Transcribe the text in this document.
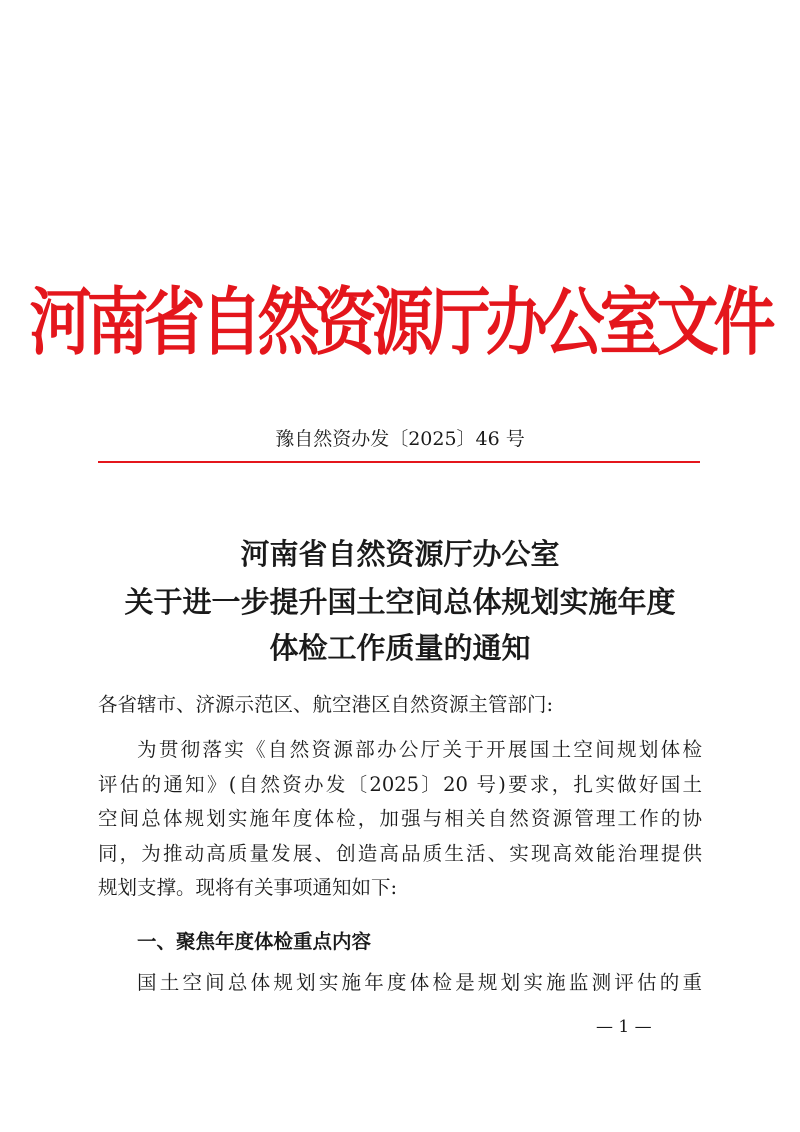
河南省自然资源厅办公室文件
豫自然资办发〔2025〕46 号
河南省自然资源厅办公室
关于进一步提升国土空间总体规划实施年度
体检工作质量的通知
各省辖市、济源示范区、航空港区自然资源主管部门:
为贯彻落实《自然资源部办公厅关于开展国土空间规划体检
评估的通知》(自然资办发〔2025〕20 号)要求，扎实做好国土
空间总体规划实施年度体检，加强与相关自然资源管理工作的协
同，为推动高质量发展、创造高品质生活、实现高效能治理提供
规划支撑。现将有关事项通知如下:
一、聚焦年度体检重点内容
国土空间总体规划实施年度体检是规划实施监测评估的重
— 1 —
